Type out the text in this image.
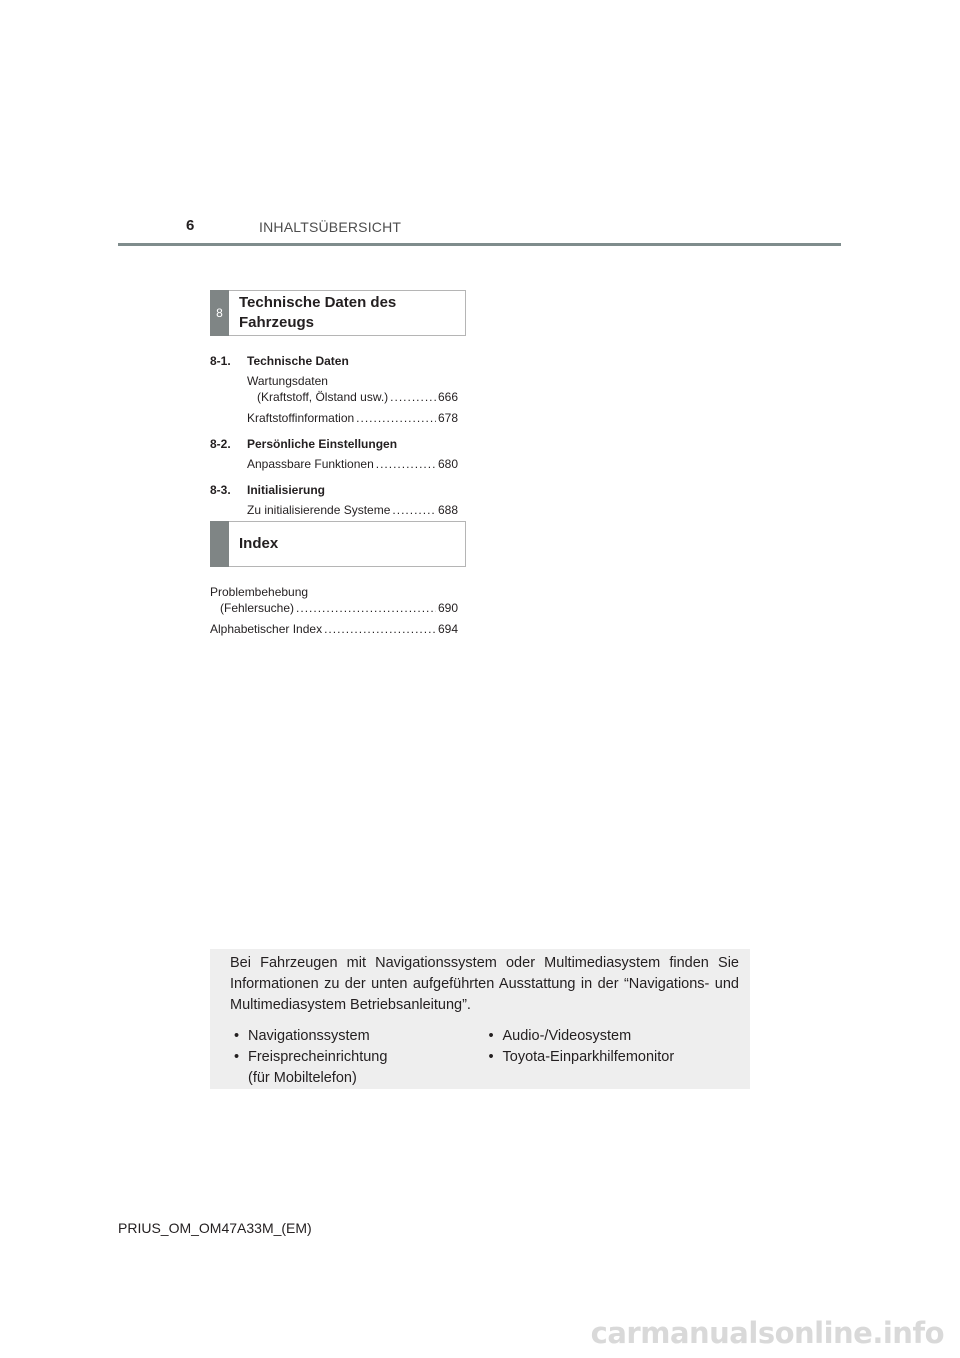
6	INHALTSÜBERSICHT
8
Technische Daten des
Fahrzeugs
8-1.	Technische Daten
Wartungsdaten
(Kraftstoff, Ölstand usw.) .....	666
Kraftstoffinformation .....	678
8-2.	Persönliche Einstellungen
Anpassbare Funktionen .....	680
8-3.	Initialisierung
Zu initialisierende Systeme .....	688
Index
Problembehebung
(Fehlersuche) .....	690
Alphabetischer Index .....	694
Bei Fahrzeugen mit Navigationssystem oder Multimediasystem finden Sie Informationen zu der unten aufgeführten Ausstattung in der “Navigations- und Multimediasystem Betriebsanleitung”.
• Navigationssystem
• Freisprecheinrichtung
(für Mobiltelefon)
• Audio-/Videosystem
• Toyota-Einparkhilfemonitor
PRIUS_OM_OM47A33M_(EM)
carmanualsonline.info
